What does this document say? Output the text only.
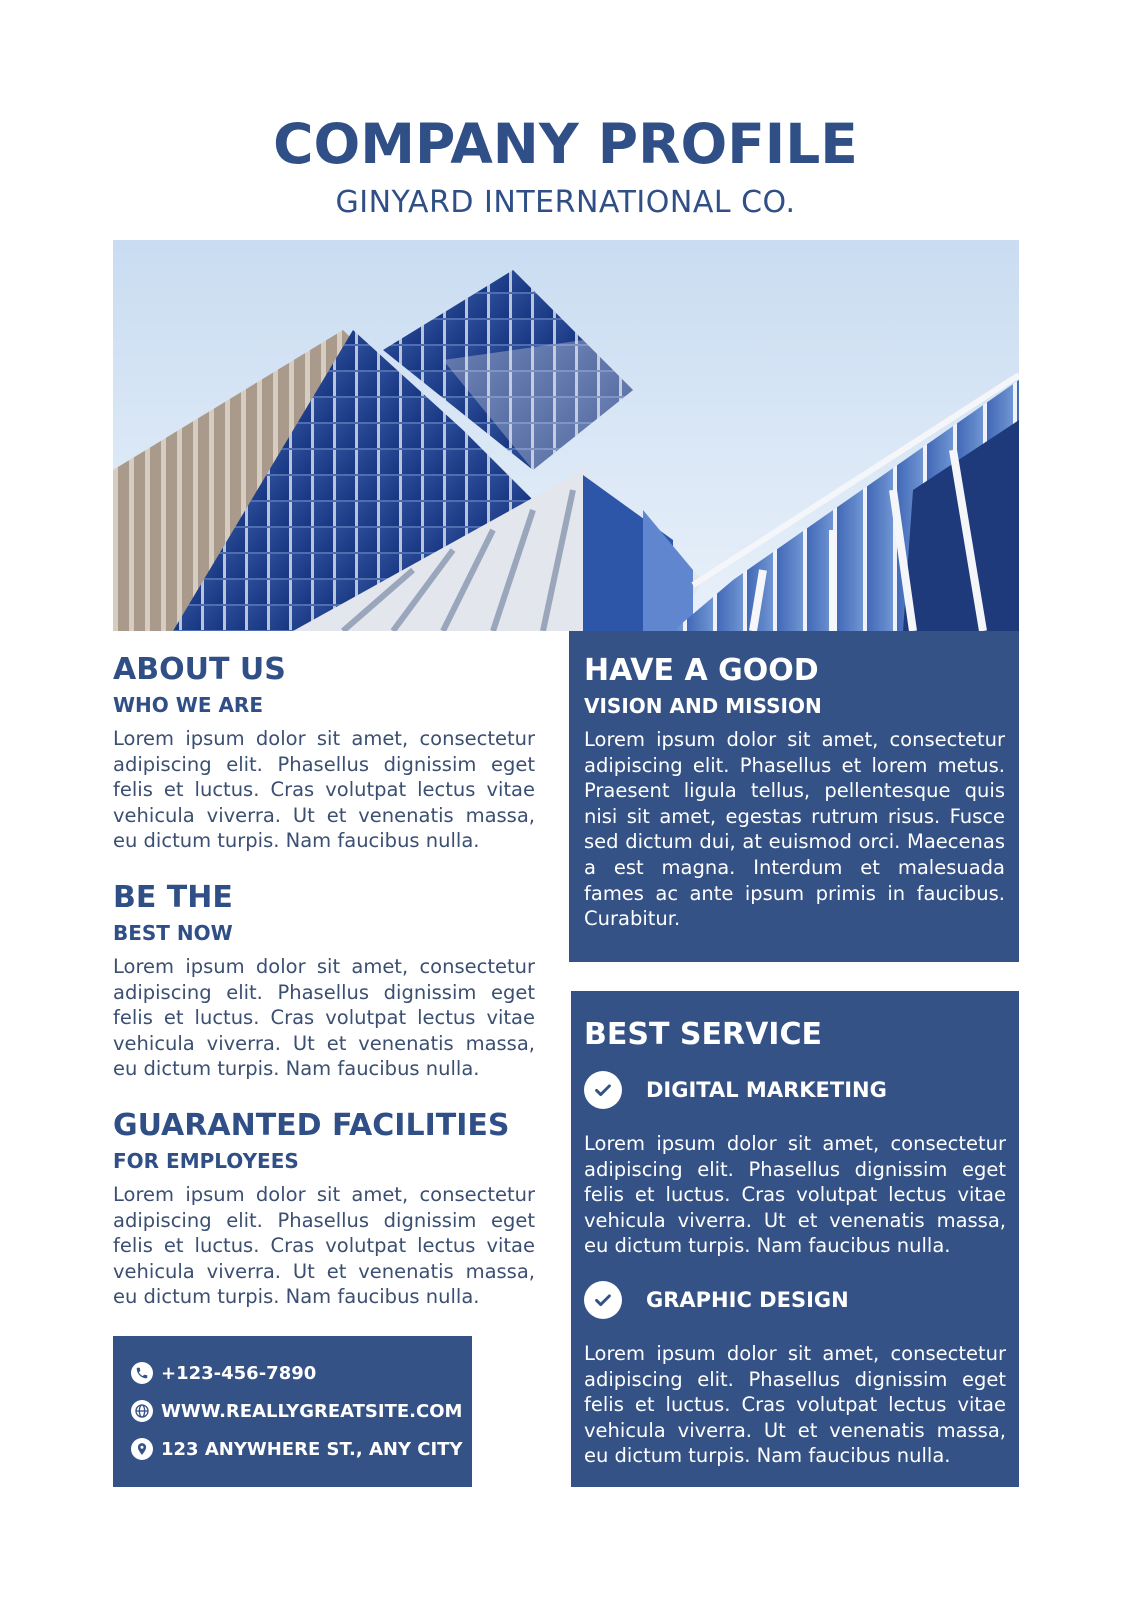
COMPANY PROFILE
GINYARD INTERNATIONAL CO.
ABOUT US
WHO WE ARE

Lorem ipsum dolor sit amet, consectetur adipiscing elit. Phasellus dignissim eget felis et luctus. Cras volutpat lectus vitae vehicula viverra. Ut et venenatis massa, eu dictum turpis. Nam faucibus nulla.

BE THE
BEST NOW

Lorem ipsum dolor sit amet, consectetur adipiscing elit. Phasellus dignissim eget felis et luctus. Cras volutpat lectus vitae vehicula viverra. Ut et venenatis massa, eu dictum turpis. Nam faucibus nulla.

GUARANTED FACILITIES
FOR EMPLOYEES

Lorem ipsum dolor sit amet, consectetur adipiscing elit. Phasellus dignissim eget felis et luctus. Cras volutpat lectus vitae vehicula viverra. Ut et venenatis massa, eu dictum turpis. Nam faucibus nulla.

+123-456-7890
WWW.REALLYGREATSITE.COM
123 ANYWHERE ST., ANY CITY
HAVE A GOOD
VISION AND MISSION

Lorem ipsum dolor sit amet, consectetur adipiscing elit. Phasellus et lorem metus. Praesent ligula tellus, pellentesque quis nisi sit amet, egestas rutrum risus. Fusce sed dictum dui, at euismod orci. Maecenas a est magna. Interdum et malesuada fames ac ante ipsum primis in faucibus. Curabitur.

BEST SERVICE
DIGITAL MARKETING

Lorem ipsum dolor sit amet, consectetur adipiscing elit. Phasellus dignissim eget felis et luctus. Cras volutpat lectus vitae vehicula viverra. Ut et venenatis massa, eu dictum turpis. Nam faucibus nulla.

GRAPHIC DESIGN

Lorem ipsum dolor sit amet, consectetur adipiscing elit. Phasellus dignissim eget felis et luctus. Cras volutpat lectus vitae vehicula viverra. Ut et venenatis massa, eu dictum turpis. Nam faucibus nulla.
